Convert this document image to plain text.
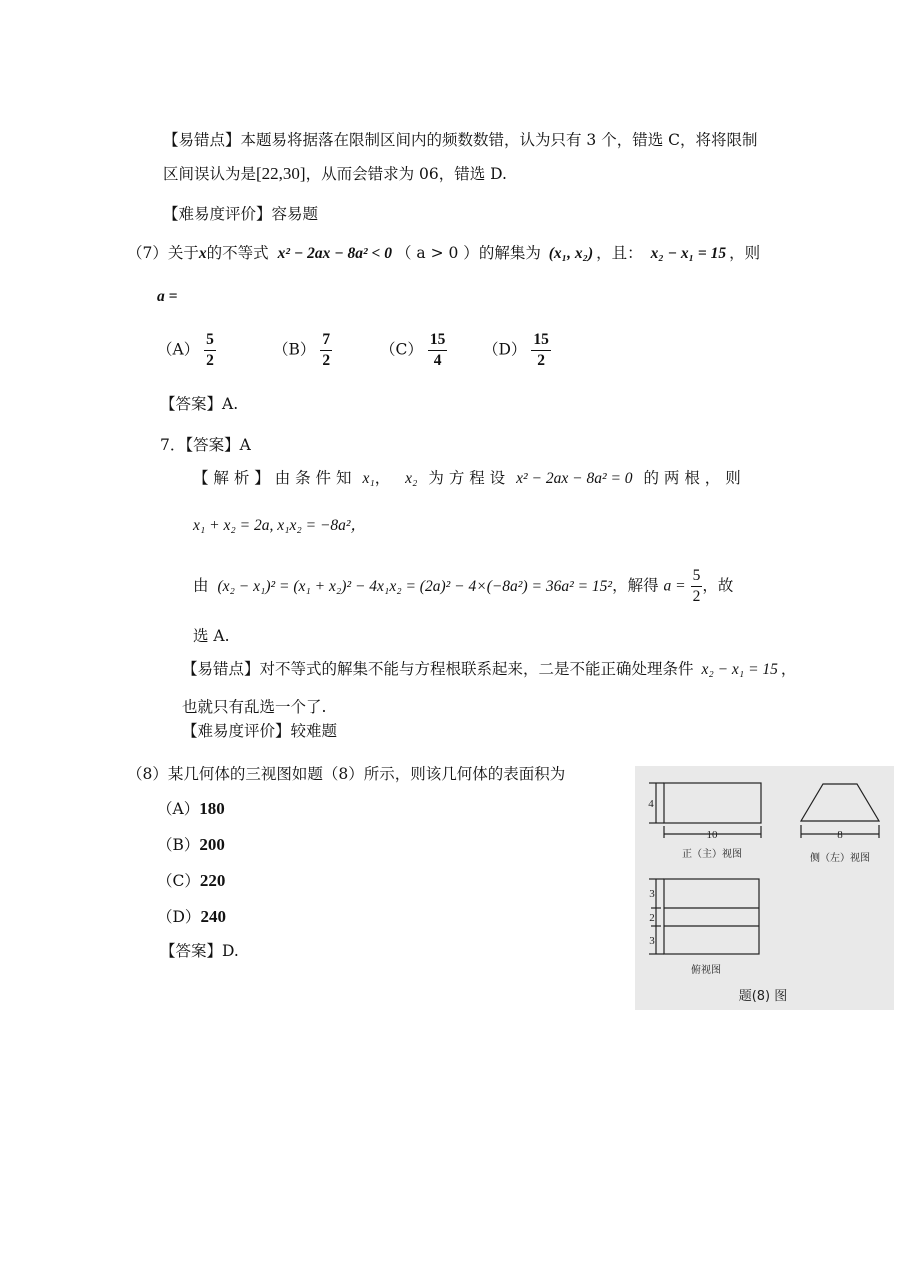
【易错点】本题易将据落在限制区间内的频数数错，认为只有 3 个，错选 C，将将限制
区间误认为是[22,30]，从而会错求为 06，错选 D.
【难易度评价】容易题
（7）关于x的不等式 x² − 2ax − 8a² < 0 （ a > 0 ）的解集为 (x₁, x₂) ，且： x₂ − x₁ = 15 ，则
a =
$(A) \frac{5}{2}$	$(B) \frac{7}{2}$	$(C) \frac{15}{4} (D) \frac{15}{2}$
【答案】A.
7．【答案】A
【 解 析 】 由 条 件 知 x₁， x₂ 为 方 程 设 x² − 2ax − 8a² = 0 的 两 根 ， 则
x₁ + x₂ = 2a, x₁x₂ = −8a²，
由 (x₂ − x₁)² = (x₁ + x₂)² − 4x₁x₂ = (2a)² − 4×(−8a²) = 36a² = 15²，解得 $a = \frac{5}{2}$ ，故
选 A.
【易错点】对不等式的解集不能与方程根联系起来，二是不能正确处理条件 x₂ − x₁ = 15 ，
也就只有乱选一个了.
【难易度评价】较难题
（8）某几何体的三视图如题（8）所示，则该几何体的表面积为
（A）180
（B）200
（C）220
（D）240
【答案】D.
4
10	8
3
2
3
正（主）视图	侧（左）视图
俯视图
题(8) 图
